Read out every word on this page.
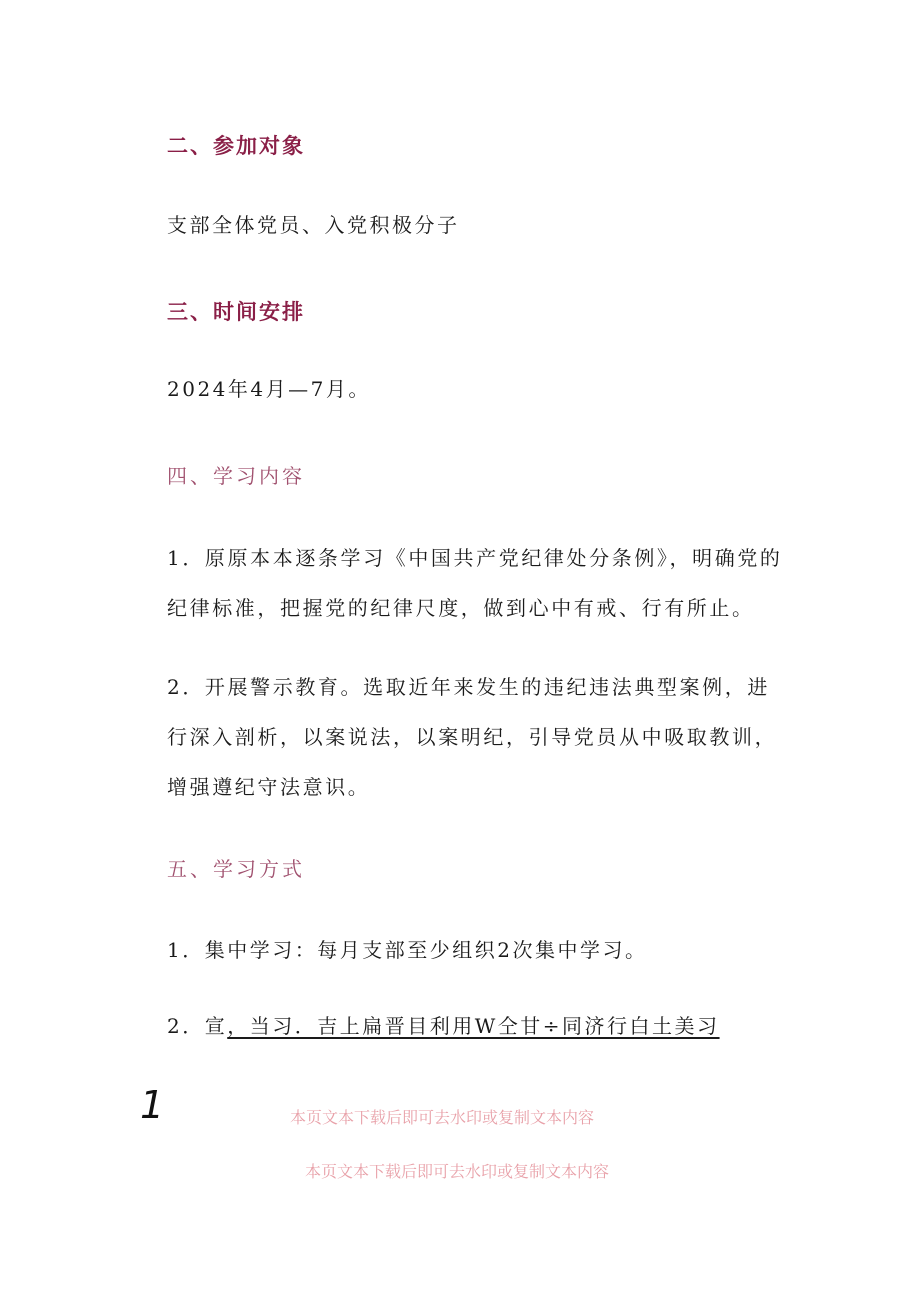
二、参加对象
支部全体党员、入党积极分子
三、时间安排
2024年4月—7月。
四、学习内容
1．原原本本逐条学习《中国共产党纪律处分条例》，明确党的纪律标准，把握党的纪律尺度，做到心中有戒、行有所止。
2．开展警示教育。选取近年来发生的违纪违法典型案例，进行深入剖析，以案说法，以案明纪，引导党员从中吸取教训，增强遵纪守法意识。
五、学习方式
1．集中学习：每月支部至少组织2次集中学习。
2．宣，当习．吉上扁晋目利用W仝甘÷同济行白土美习
1	本页文本下载后即可去水印或复制文本内容
本页文本下载后即可去水印或复制文本内容
